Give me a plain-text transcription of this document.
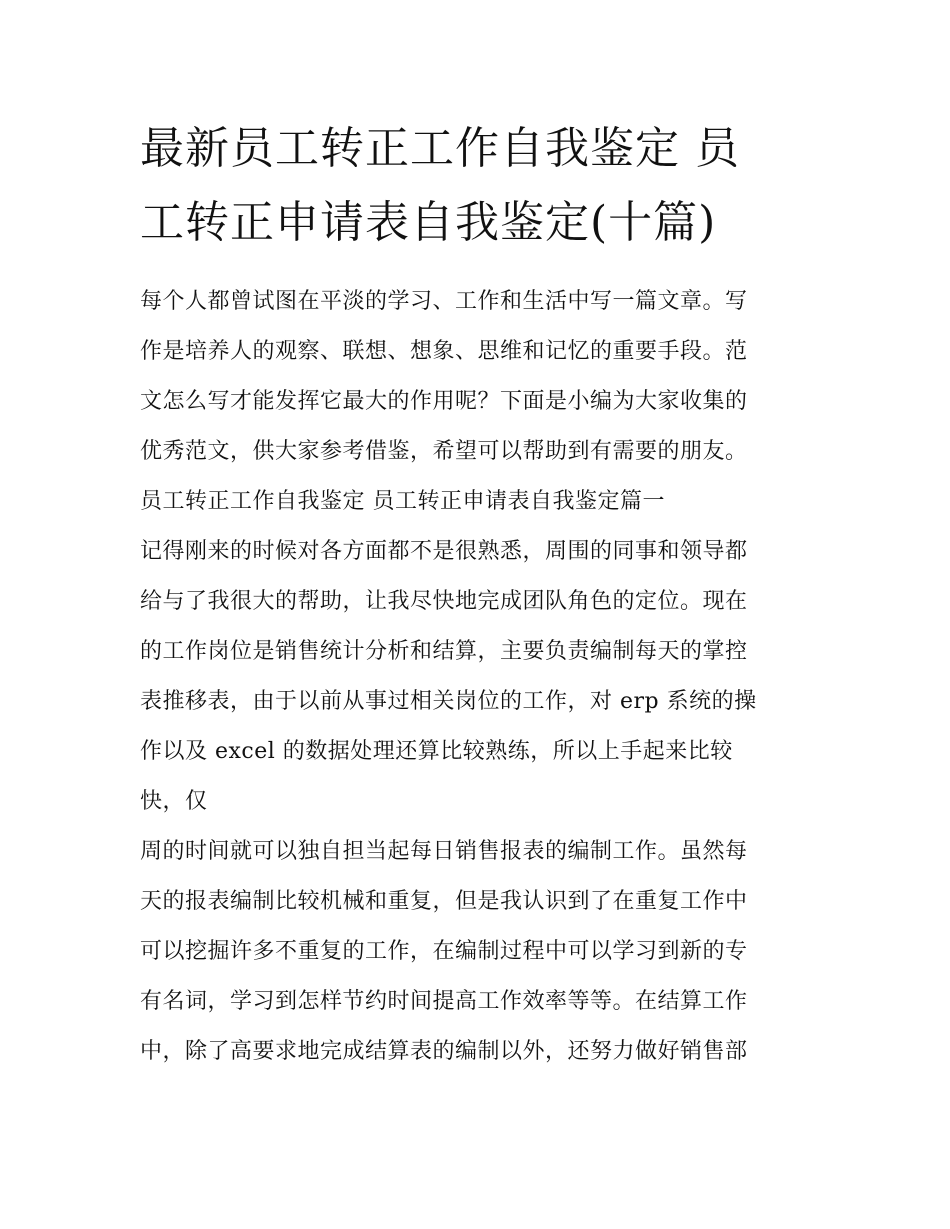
最新员工转正工作自我鉴定 员
工转正申请表自我鉴定(十篇)
每个人都曾试图在平淡的学习、工作和生活中写一篇文章。写
作是培养人的观察、联想、想象、思维和记忆的重要手段。范
文怎么写才能发挥它最大的作用呢？下面是小编为大家收集的
优秀范文，供大家参考借鉴，希望可以帮助到有需要的朋友。
员工转正工作自我鉴定 员工转正申请表自我鉴定篇一
记得刚来的时候对各方面都不是很熟悉，周围的同事和领导都
给与了我很大的帮助，让我尽快地完成团队角色的定位。现在
的工作岗位是销售统计分析和结算，主要负责编制每天的掌控
表推移表，由于以前从事过相关岗位的工作，对 erp 系统的操
作以及 excel 的数据处理还算比较熟练，所以上手起来比较
快，仅
周的时间就可以独自担当起每日销售报表的编制工作。虽然每
天的报表编制比较机械和重复，但是我认识到了在重复工作中
可以挖掘许多不重复的工作，在编制过程中可以学习到新的专
有名词，学习到怎样节约时间提高工作效率等等。在结算工作
中，除了高要求地完成结算表的编制以外，还努力做好销售部
